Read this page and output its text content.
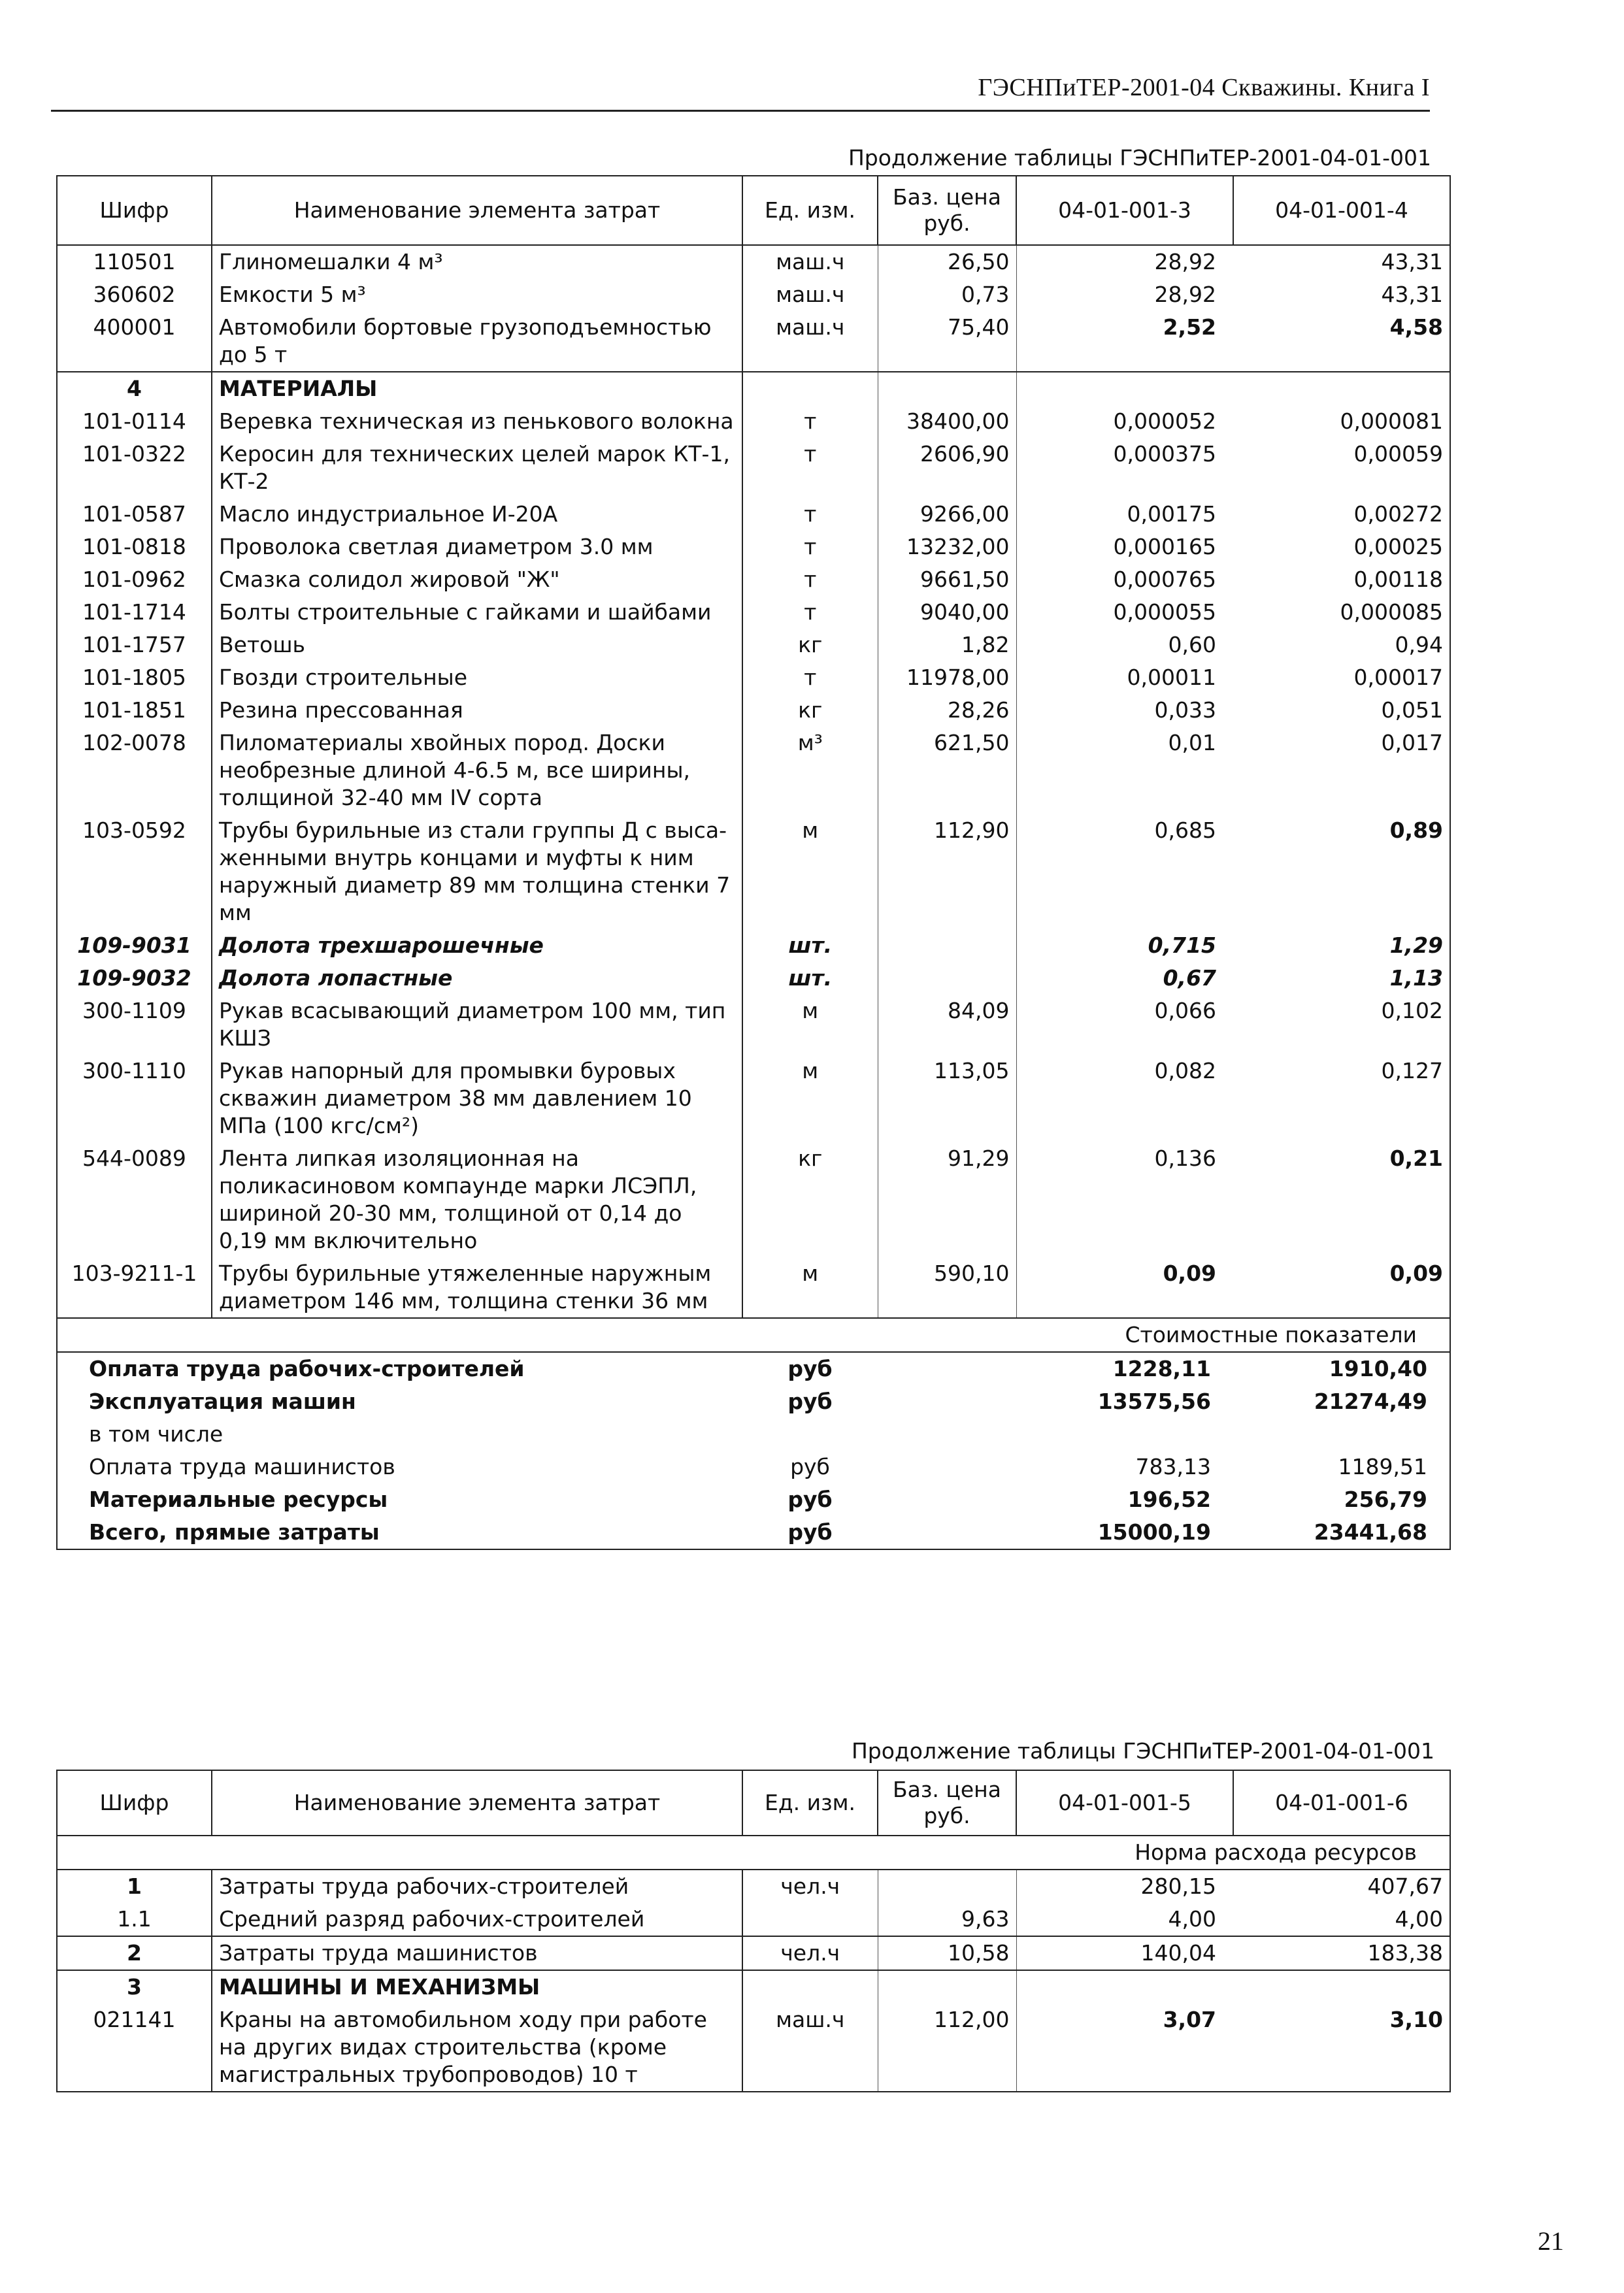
ГЭСНПиТЕР-2001-04 Скважины. Книга I
Продолжение таблицы ГЭСНПиТЕР-2001-04-01-001
Шифр	Наименование элемента затрат	Ед. изм.	Баз. цена руб.	04-01-001-3	04-01-001-4
110501	Глиномешалки 4 м³	маш.ч	26,50	28,92	43,31
360602	Емкости 5 м³	маш.ч	0,73	28,92	43,31
400001	Автомобили бортовые грузоподъемностью до 5 т	маш.ч	75,40	2,52	4,58
4	МАТЕРИАЛЫ				
101-0114	Веревка техническая из пенькового волокна	т	38400,00	0,000052	0,000081
101-0322	Керосин для технических целей марок КТ-1, КТ-2	т	2606,90	0,000375	0,00059
101-0587	Масло индустриальное И-20А	т	9266,00	0,00175	0,00272
101-0818	Проволока светлая диаметром 3.0 мм	т	13232,00	0,000165	0,00025
101-0962	Смазка солидол жировой "Ж"	т	9661,50	0,000765	0,00118
101-1714	Болты строительные с гайками и шайбами	т	9040,00	0,000055	0,000085
101-1757	Ветошь	кг	1,82	0,60	0,94
101-1805	Гвозди строительные	т	11978,00	0,00011	0,00017
101-1851	Резина прессованная	кг	28,26	0,033	0,051
102-0078	Пиломатериалы хвойных пород. Доски необрезные длиной 4-6.5 м, все ширины, толщиной 32-40 мм IV сорта	м³	621,50	0,01	0,017
103-0592	Трубы бурильные из стали группы Д с выса-женными внутрь концами и муфты к ним наружный диаметр 89 мм толщина стенки 7 мм	м	112,90	0,685	0,89
109-9031	Долота трехшарошечные	шт.		0,715	1,29
109-9032	Долота лопастные	шт.		0,67	1,13
300-1109	Рукав всасывающий диаметром 100 мм, тип КШЗ	м	84,09	0,066	0,102
300-1110	Рукав напорный для промывки буровых скважин диаметром 38 мм давлением 10 МПа (100 кгс/см²)	м	113,05	0,082	0,127
544-0089	Лента липкая изоляционная на поликасиновом компаунде марки ЛСЭПЛ, шириной 20-30 мм, толщиной от 0,14 до 0,19 мм включительно	кг	91,29	0,136	0,21
103-9211-1	Трубы бурильные утяжеленные наружным диаметром 146 мм, толщина стенки 36 мм	м	590,10	0,09	0,09
Стоимостные показатели					
Оплата труда рабочих-строителей		руб		1228,11	1910,40
Эксплуатация машин		руб		13575,56	21274,49
в том числе					
Оплата труда машинистов		руб		783,13	1189,51
Материальные ресурсы		руб		196,52	256,79
Всего, прямые затраты		руб		15000,19	23441,68
Продолжение таблицы ГЭСНПиТЕР-2001-04-01-001
Шифр	Наименование элемента затрат	Ед. изм.	Баз. цена руб.	04-01-001-5	04-01-001-6
Норма расхода ресурсов					
1	Затраты труда рабочих-строителей	чел.ч		280,15	407,67
1.1	Средний разряд рабочих-строителей		9,63	4,00	4,00
2	Затраты труда машинистов	чел.ч	10,58	140,04	183,38
3	МАШИНЫ И МЕХАНИЗМЫ				
021141	Краны на автомобильном ходу при работе на других видах строительства (кроме магистральных трубопроводов) 10 т	маш.ч	112,00	3,07	3,10
21
